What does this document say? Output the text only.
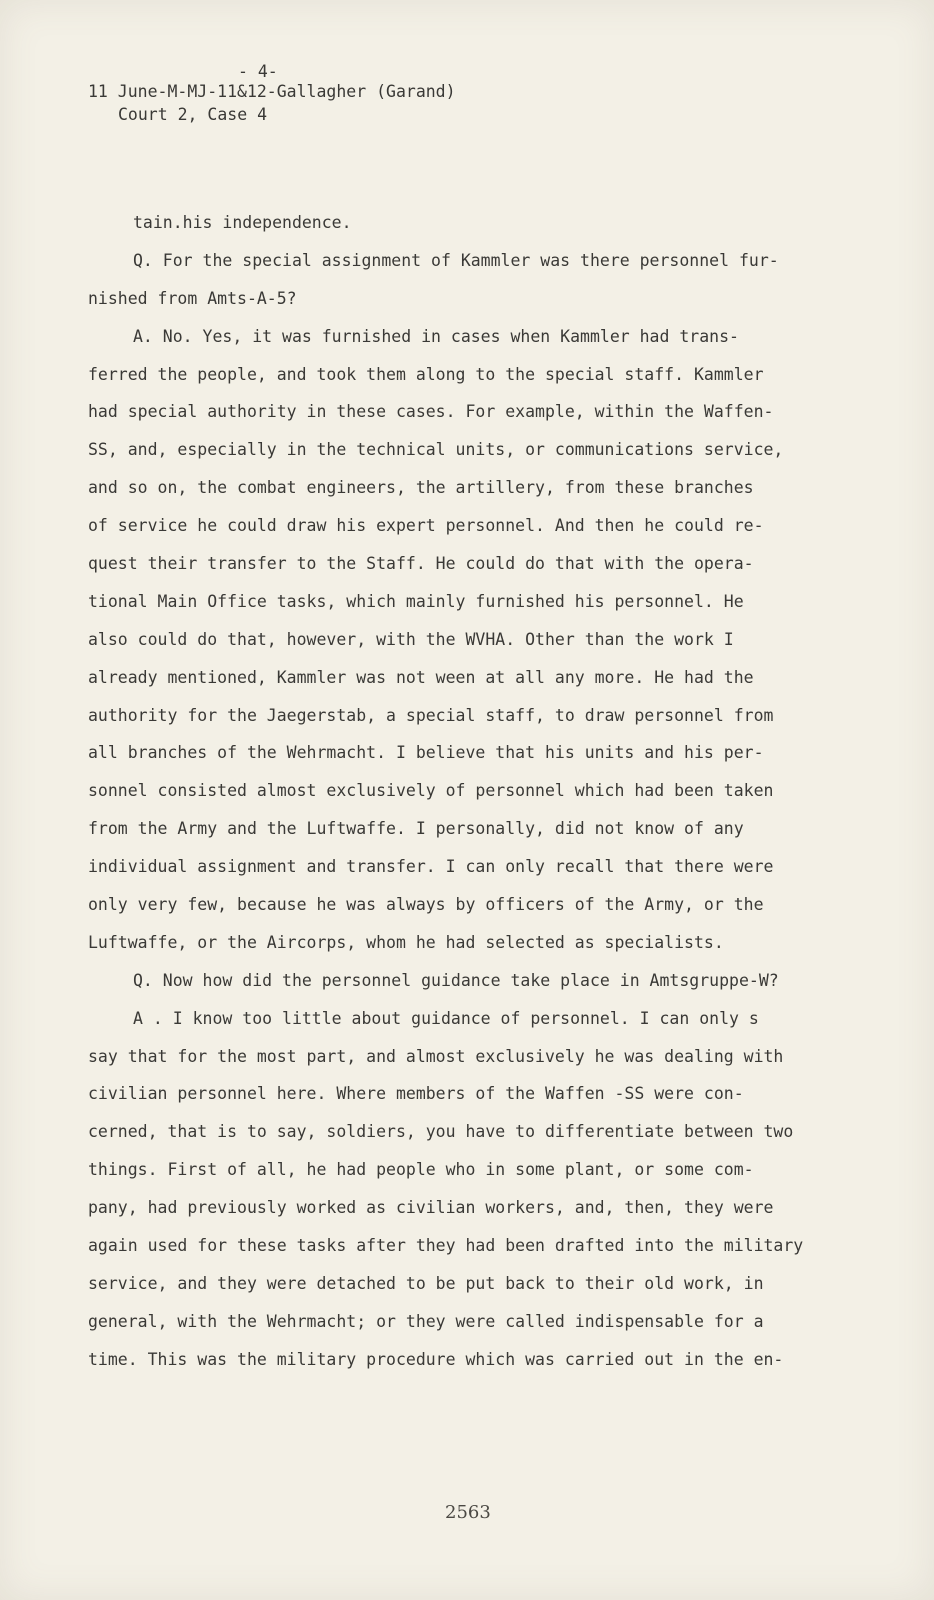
- 4-
11 June-M-MJ-11&12-Gallagher (Garand)
Court 2, Case 4
tain.his independence.
Q. For the special assignment of Kammler was there personnel fur-
nished from Amts-A-5?
A. No. Yes, it was furnished in cases when Kammler had trans-
ferred the people, and took them along to the special staff. Kammler
had special authority in these cases. For example, within the Waffen-
SS, and, especially in the technical units, or communications service,
and so on, the combat engineers, the artillery, from these branches
of service he could draw his expert personnel. And then he could re-
quest their transfer to the Staff. He could do that with the opera-
tional Main Office tasks, which mainly furnished his personnel. He
also could do that, however, with the WVHA. Other than the work I
already mentioned, Kammler was not ween at all any more. He had the
authority for the Jaegerstab, a special staff, to draw personnel from
all branches of the Wehrmacht. I believe that his units and his per-
sonnel consisted almost exclusively of personnel which had been taken
from the Army and the Luftwaffe. I personally, did not know of any
individual assignment and transfer. I can only recall that there were
only very few, because he was always by officers of the Army, or the
Luftwaffe, or the Aircorps, whom he had selected as specialists.
Q. Now how did the personnel guidance take place in Amtsgruppe-W?
A . I know too little about guidance of personnel. I can only s
say that for the most part, and almost exclusively he was dealing with
civilian personnel here. Where members of the Waffen -SS were con-
cerned, that is to say, soldiers, you have to differentiate between two
things. First of all, he had people who in some plant, or some com-
pany, had previously worked as civilian workers, and, then, they were
again used for these tasks after they had been drafted into the military
service, and they were detached to be put back to their old work, in
general, with the Wehrmacht; or they were called indispensable for a
time. This was the military procedure which was carried out in the en-
2563
